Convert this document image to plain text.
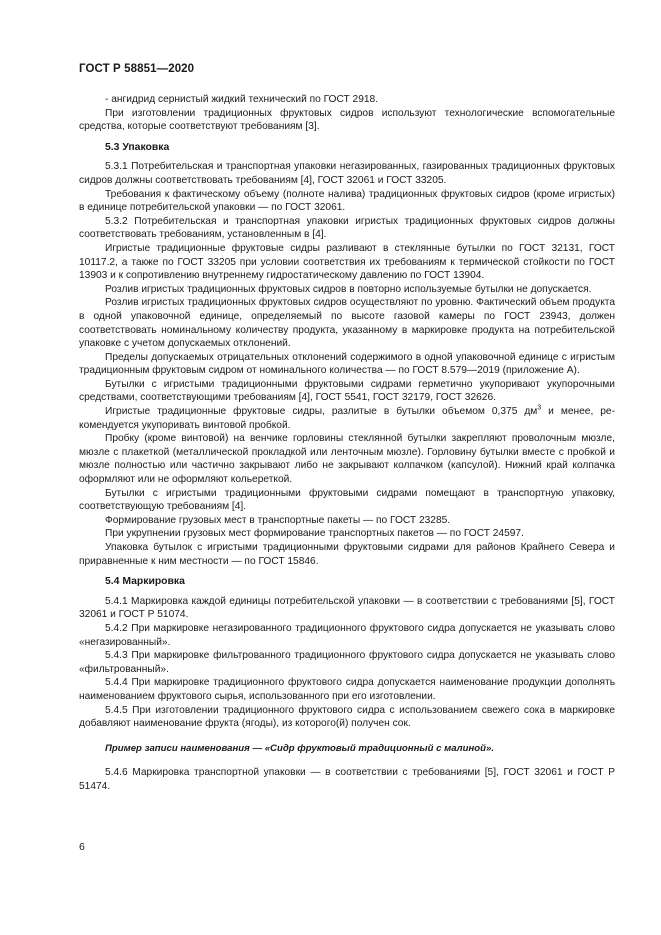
ГОСТ Р 58851—2020

- ангидрид сернистый жидкий технический по ГОСТ 2918.

При изготовлении традиционных фруктовых сидров используют технологические вспомогательные средства, которые соответствуют требованиям [3].

5.3 Упаковка

5.3.1 Потребительская и транспортная упаковки негазированных, газированных традиционных фруктовых сидров должны соответствовать требованиям [4], ГОСТ 32061 и ГОСТ 33205.

Требования к фактическому объему (полноте налива) традиционных фруктовых сидров (кроме игристых) в единице потребительской упаковки — по ГОСТ 32061.

5.3.2 Потребительская и транспортная упаковки игристых традиционных фруктовых сидров должны соответствовать требованиям, установленным в [4].

Игристые традиционные фруктовые сидры разливают в стеклянные бутылки по ГОСТ 32131, ГОСТ 10117.2, а также по ГОСТ 33205 при условии соответствия их требованиям к термической стойкости по ГОСТ 13903 и к сопротивлению внутреннему гидростатическому давлению по ГОСТ 13904.

Розлив игристых традиционных фруктовых сидров в повторно используемые бутылки не допускается.

Розлив игристых традиционных фруктовых сидров осуществляют по уровню. Фактический объем продукта в одной упаковочной единице, определяемый по высоте газовой камеры по ГОСТ 23943, должен соответствовать номинальному количеству продукта, указанному в маркировке продукта на потребительской упаковке с учетом допускаемых отклонений.

Пределы допускаемых отрицательных отклонений содержимого в одной упаковочной единице с игристым традиционным фруктовым сидром от номинального количества — по ГОСТ 8.579—2019 (приложение А).

Бутылки с игристыми традиционными фруктовыми сидрами герметично укупоривают укупорочными средствами, соответствующими требованиям [4], ГОСТ 5541, ГОСТ 32179, ГОСТ 32626.

Игристые традиционные фруктовые сидры, разлитые в бутылки объемом 0,375 $дм^3$ и менее, рекомендуется укупоривать винтовой пробкой.

Пробку (кроме винтовой) на венчике горловины стеклянной бутылки закрепляют проволочным мюзле, мюзле с плакеткой (металлической прокладкой или ленточным мюзле). Горловину бутылки вместе с пробкой и мюзле полностью или частично закрывают либо не закрывают колпачком (капсулой). Нижний край колпачка оформляют или не оформляют кольереткой.

Бутылки с игристыми традиционными фруктовыми сидрами помещают в транспортную упаковку, соответствующую требованиям [4].

Формирование грузовых мест в транспортные пакеты — по ГОСТ 23285.

При укрупнении грузовых мест формирование транспортных пакетов — по ГОСТ 24597.

Упаковка бутылок с игристыми традиционными фруктовыми сидрами для районов Крайнего Севера и приравненные к ним местности — по ГОСТ 15846.

5.4 Маркировка

5.4.1 Маркировка каждой единицы потребительской упаковки — в соответствии с требованиями [5], ГОСТ 32061 и ГОСТ Р 51074.

5.4.2 При маркировке негазированного традиционного фруктового сидра допускается не указывать слово «негазированный».

5.4.3 При маркировке фильтрованного традиционного фруктового сидра допускается не указывать слово «фильтрованный».

5.4.4 При маркировке традиционного фруктового сидра допускается наименование продукции дополнять наименованием фруктового сырья, использованного при его изготовлении.

5.4.5 При изготовлении традиционного фруктового сидра с использованием свежего сока в маркировке добавляют наименование фрукта (ягоды), из которого(й) получен сок.

Пример записи наименования — «Сидр фруктовый традиционный с малиной».

5.4.6 Маркировка транспортной упаковки — в соответствии с требованиями [5], ГОСТ 32061 и ГОСТ Р 51474.

6
